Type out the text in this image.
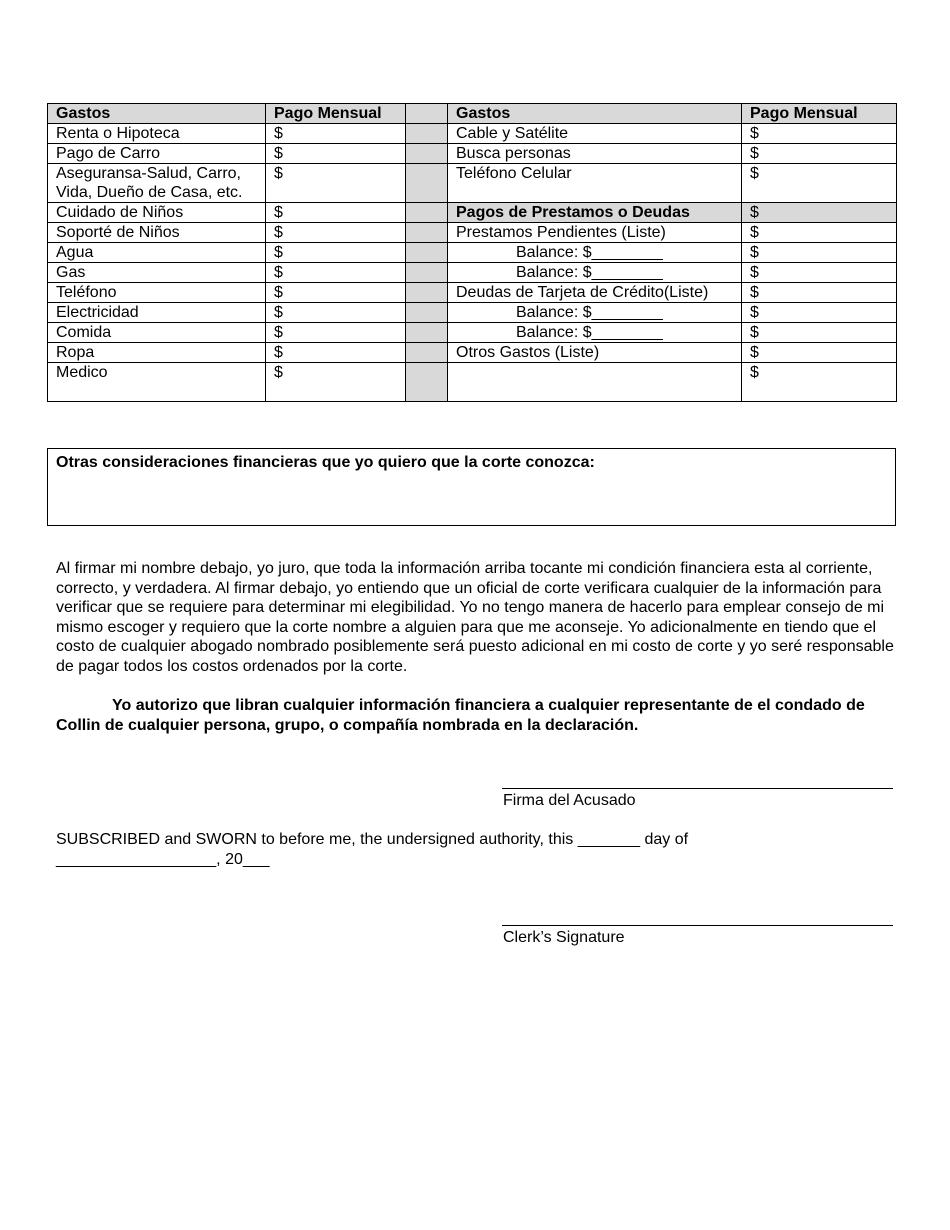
Gastos	Pago Mensual		Gastos	Pago Mensual
Renta o Hipoteca	$		Cable y Satélite	$
Pago de Carro	$		Busca personas	$
Aseguransa-Salud, Carro, Vida, Dueño de Casa, etc.	$		Teléfono Celular	$
Cuidado de Niños	$		Pagos de Prestamos o Deudas	$
Soporté de Niños	$		Prestamos Pendientes (Liste)	$
Agua	$		Balance: $________	$
Gas	$		Balance: $________	$
Teléfono	$		Deudas de Tarjeta de Crédito(Liste)	$
Electricidad	$		Balance: $________	$
Comida	$		Balance: $________	$
Ropa	$		Otros Gastos (Liste)	$
Medico	$			$
Otras consideraciones financieras que yo quiero que la corte conozca:

Al firmar mi nombre debajo, yo juro, que toda la información arriba tocante mi condición financiera esta al corriente, correcto, y verdadera. Al firmar debajo, yo entiendo que un oficial de corte verificara cualquier de la información para verificar que se requiere para determinar mi elegibilidad. Yo no tengo manera de hacerlo para emplear consejo de mi mismo escoger y requiero que la corte nombre a alguien para que me aconseje. Yo adicionalmente en tiendo que el costo de cualquier abogado nombrado posiblemente será puesto adicional en mi costo de corte y yo seré responsable de pagar todos los costos ordenados por la corte.

Yo autorizo que libran cualquier información financiera a cualquier representante de el condado de Collin de cualquier persona, grupo, o compañía nombrada en la declaración.

Firma del Acusado

SUBSCRIBED and SWORN to before me, the undersigned authority, this _______ day of
__________________, 20___

Clerk’s Signature
